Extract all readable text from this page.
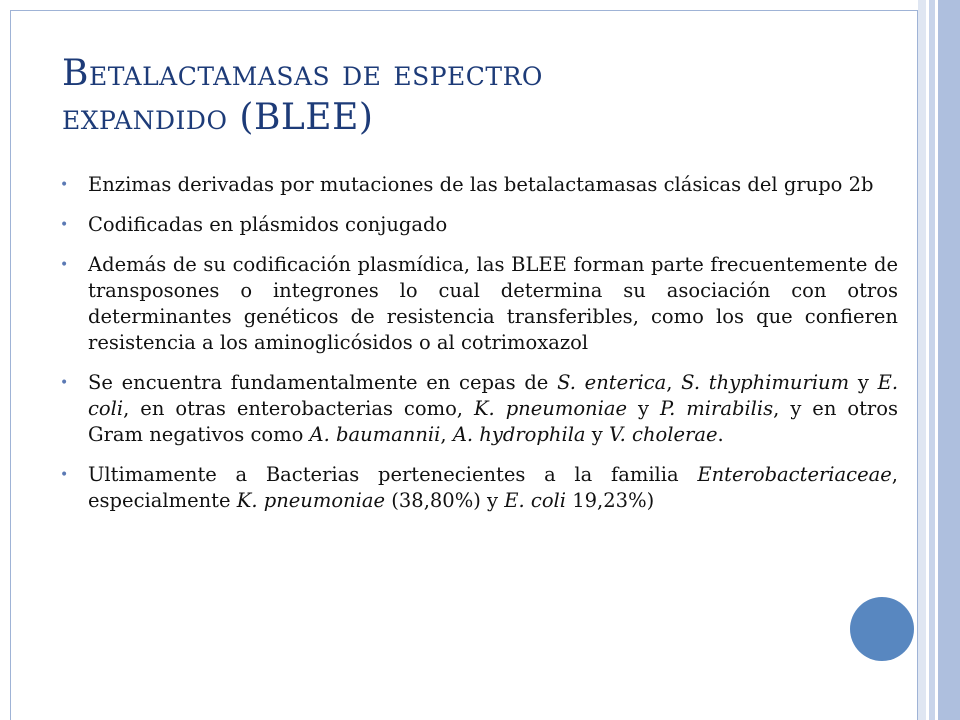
Betalactamasas de espectro
expandido (BLEE)
• Enzimas derivadas por mutaciones de las betalactamasas clásicas del grupo 2b
• Codificadas en plásmidos conjugado
• Además de su codificación plasmídica, las BLEE forman parte frecuentemente de transposones o integrones lo cual determina su asociación con otros determinantes genéticos de resistencia transferibles, como los que confieren resistencia a los aminoglicósidos o al cotrimoxazol
• Se encuentra fundamentalmente en cepas de S. enterica, S. thyphimurium y E. coli, en otras enterobacterias como, K. pneumoniae y P. mirabilis, y en otros Gram negativos como A. baumannii, A. hydrophila y V. cholerae.
• Ultimamente a Bacterias pertenecientes a la familia Enterobacteriaceae, especialmente K. pneumoniae (38,80%) y E. coli 19,23%)
